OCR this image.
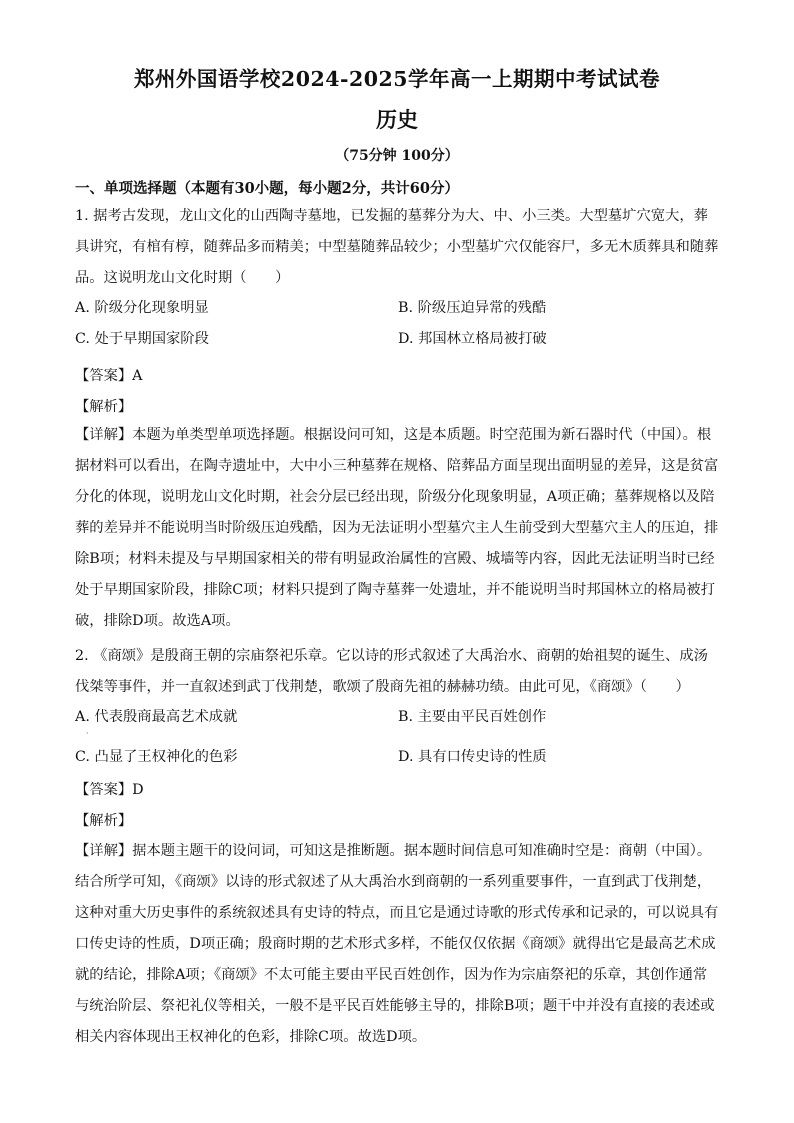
郑州外国语学校2024-2025学年高一上期期中考试试卷
历史
（75分钟 100分）
一、单项选择题（本题有30小题，每小题2分，共计60分）
1. 据考古发现，龙山文化的山西陶寺墓地，已发掘的墓葬分为大、中、小三类。大型墓圹穴宽大，葬具讲究，有棺有椁，随葬品多而精美；中型墓随葬品较少；小型墓圹穴仅能容尸，多无木质葬具和随葬品。这说明龙山文化时期（　　）
A. 阶级分化现象明显	B. 阶级压迫异常的残酷
C. 处于早期国家阶段	D. 邦国林立格局被打破
【答案】A
【解析】
【详解】本题为单类型单项选择题。根据设问可知，这是本质题。时空范围为新石器时代（中国）。根据材料可以看出，在陶寺遗址中，大中小三种墓葬在规格、陪葬品方面呈现出面明显的差异，这是贫富分化的体现，说明龙山文化时期，社会分层已经出现，阶级分化现象明显，A项正确；墓葬规格以及陪葬的差异并不能说明当时阶级压迫残酷，因为无法证明小型墓穴主人生前受到大型墓穴主人的压迫，排除B项；材料未提及与早期国家相关的带有明显政治属性的宫殿、城墙等内容，因此无法证明当时已经处于早期国家阶段，排除C项；材料只提到了陶寺墓葬一处遗址，并不能说明当时邦国林立的格局被打破，排除D项。故选A项。
2. 《商颂》是殷商王朝的宗庙祭祀乐章。它以诗的形式叙述了大禹治水、商朝的始祖契的诞生、成汤伐桀等事件，并一直叙述到武丁伐荆楚，歌颂了殷商先祖的赫赫功绩。由此可见，《商颂》（　　）
A. 代表殷商最高艺术成就	B. 主要由平民百姓创作
C. 凸显了王权神化的色彩	D. 具有口传史诗的性质
·
【答案】D
【解析】
【详解】据本题主题干的设问词，可知这是推断题。据本题时间信息可知准确时空是：商朝（中国）。结合所学可知，《商颂》以诗的形式叙述了从大禹治水到商朝的一系列重要事件，一直到武丁伐荆楚，这种对重大历史事件的系统叙述具有史诗的特点，而且它是通过诗歌的形式传承和记录的，可以说具有口传史诗的性质，D项正确；殷商时期的艺术形式多样，不能仅仅依据《商颂》就得出它是最高艺术成就的结论，排除A项；《商颂》不太可能主要由平民百姓创作，因为作为宗庙祭祀的乐章，其创作通常与统治阶层、祭祀礼仪等相关，一般不是平民百姓能够主导的，排除B项；题干中并没有直接的表述或相关内容体现出王权神化的色彩，排除C项。故选D项。
